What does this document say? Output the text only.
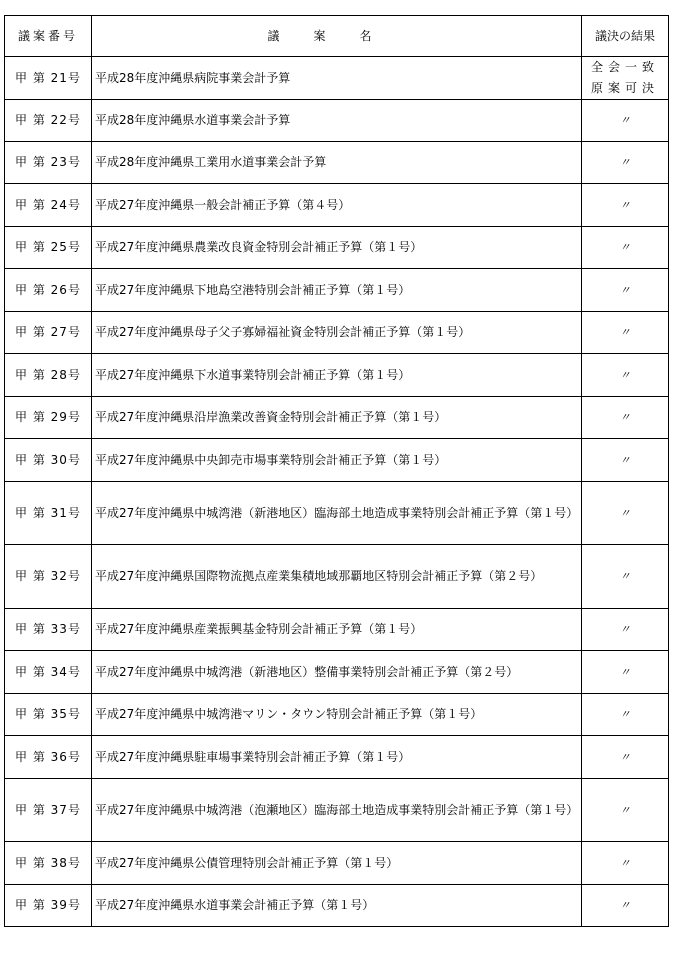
議案番号	議案名	議決の結果
甲 第 21号	平成28年度沖縄県病院事業会計予算	全会一致
原案可決

甲 第 22号	平成28年度沖縄県水道事業会計予算	〃
甲 第 23号	平成28年度沖縄県工業用水道事業会計予算	〃
甲 第 24号	平成27年度沖縄県一般会計補正予算（第４号）	〃
甲 第 25号	平成27年度沖縄県農業改良資金特別会計補正予算（第１号）	〃
甲 第 26号	平成27年度沖縄県下地島空港特別会計補正予算（第１号）	〃
甲 第 27号	平成27年度沖縄県母子父子寡婦福祉資金特別会計補正予算（第１号）	〃
甲 第 28号	平成27年度沖縄県下水道事業特別会計補正予算（第１号）	〃
甲 第 29号	平成27年度沖縄県沿岸漁業改善資金特別会計補正予算（第１号）	〃
甲 第 30号	平成27年度沖縄県中央卸売市場事業特別会計補正予算（第１号）	〃
甲 第 31号	平成27年度沖縄県中城湾港（新港地区）臨海部土地造成事業特別会計補正予算（第１号）	〃
甲 第 32号	平成27年度沖縄県国際物流拠点産業集積地域那覇地区特別会計補正予算（第２号）	〃
甲 第 33号	平成27年度沖縄県産業振興基金特別会計補正予算（第１号）	〃
甲 第 34号	平成27年度沖縄県中城湾港（新港地区）整備事業特別会計補正予算（第２号）	〃
甲 第 35号	平成27年度沖縄県中城湾港マリン・タウン特別会計補正予算（第１号）	〃
甲 第 36号	平成27年度沖縄県駐車場事業特別会計補正予算（第１号）	〃
甲 第 37号	平成27年度沖縄県中城湾港（泡瀬地区）臨海部土地造成事業特別会計補正予算（第１号）	〃
甲 第 38号	平成27年度沖縄県公債管理特別会計補正予算（第１号）	〃
甲 第 39号	平成27年度沖縄県水道事業会計補正予算（第１号）	〃
